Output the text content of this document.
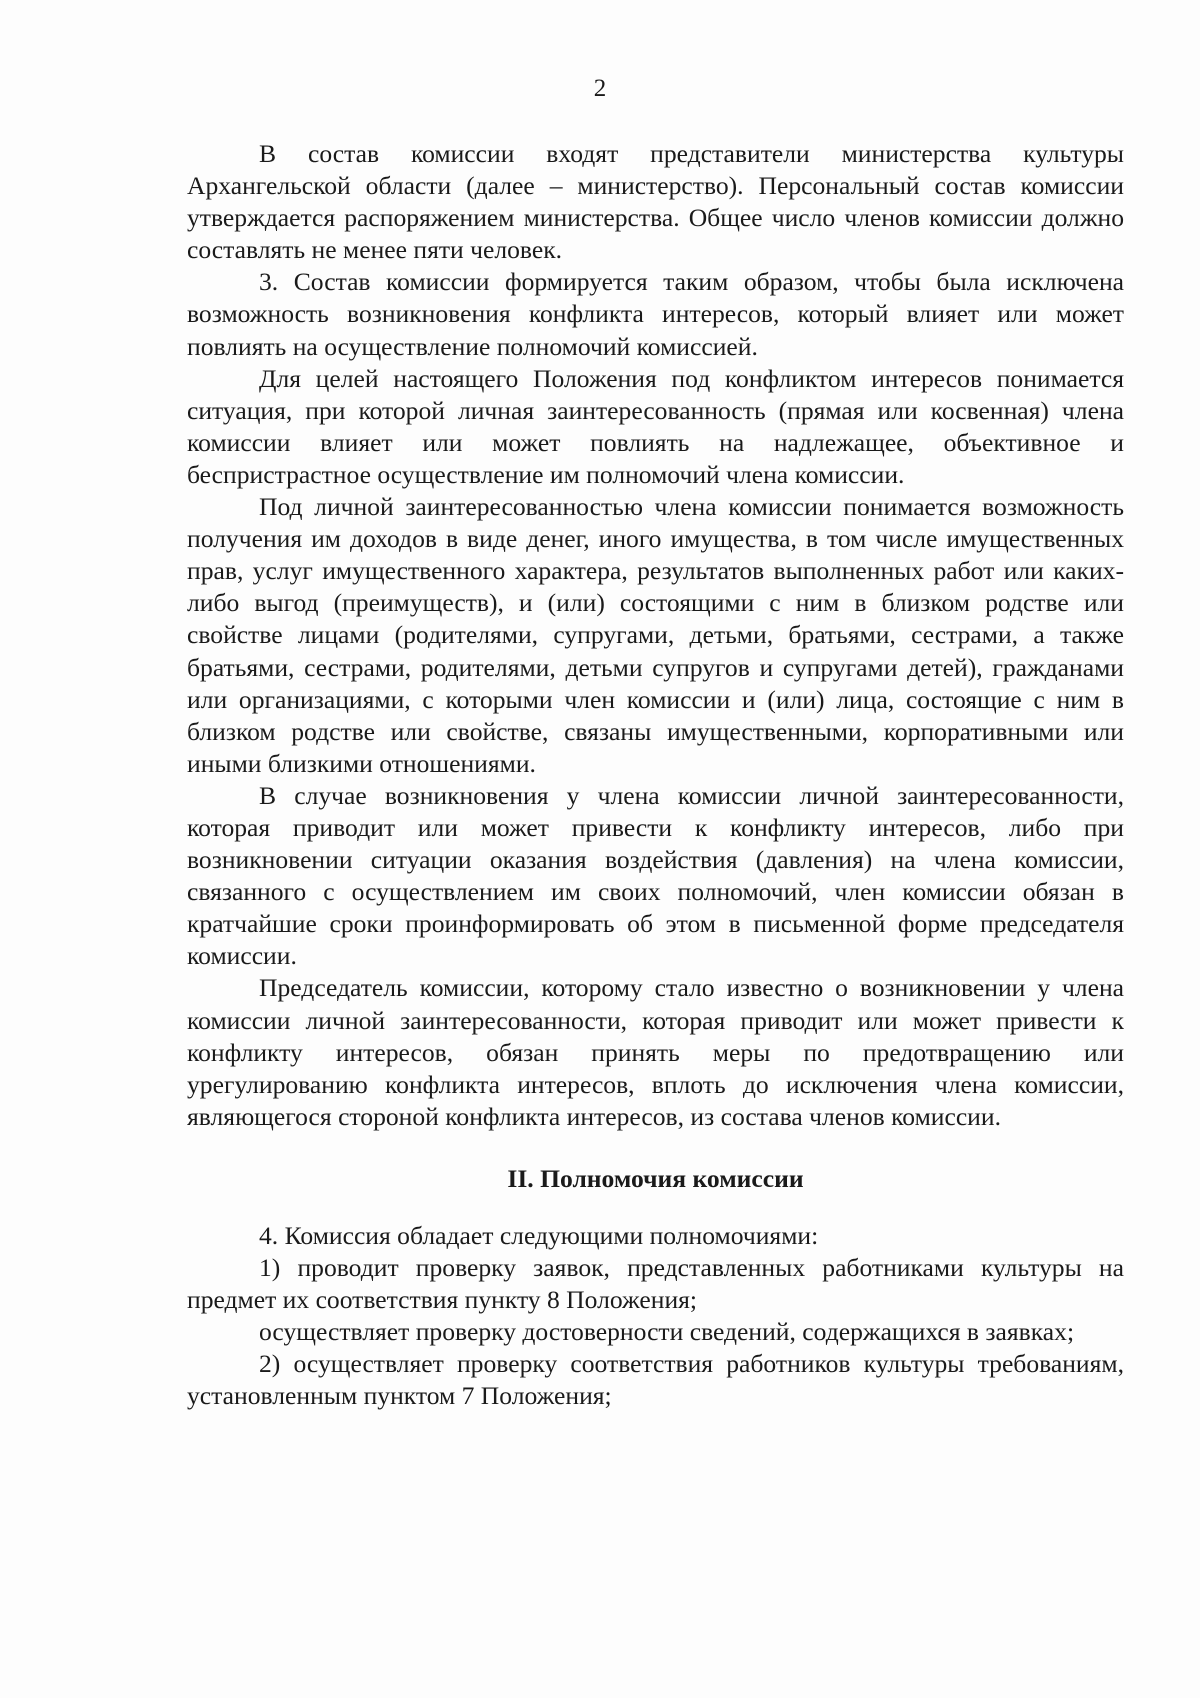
2

В состав комиссии входят представители министерства культуры Архангельской области (далее – министерство). Персональный состав комиссии утверждается распоряжением министерства. Общее число членов комиссии должно составлять не менее пяти человек.

3. Состав комиссии формируется таким образом, чтобы была исключена возможность возникновения конфликта интересов, который влияет или может повлиять на осуществление полномочий комиссией.

Для целей настоящего Положения под конфликтом интересов понимается ситуация, при которой личная заинтересованность (прямая или косвенная) члена комиссии влияет или может повлиять на надлежащее, объективное и беспристрастное осуществление им полномочий члена комиссии.

Под личной заинтересованностью члена комиссии понимается возможность получения им доходов в виде денег, иного имущества, в том числе имущественных прав, услуг имущественного характера, результатов выполненных работ или каких-либо выгод (преимуществ), и (или) состоящими с ним в близком родстве или свойстве лицами (родителями, супругами, детьми, братьями, сестрами, а также братьями, сестрами, родителями, детьми супругов и супругами детей), гражданами или организациями, с которыми член комиссии и (или) лица, состоящие с ним в близком родстве или свойстве, связаны имущественными, корпоративными или иными близкими отношениями.

В случае возникновения у члена комиссии личной заинтересованности, которая приводит или может привести к конфликту интересов, либо при возникновении ситуации оказания воздействия (давления) на члена комиссии, связанного с осуществлением им своих полномочий, член комиссии обязан в кратчайшие сроки проинформировать об этом в письменной форме председателя комиссии.

Председатель комиссии, которому стало известно о возникновении у члена комиссии личной заинтересованности, которая приводит или может привести к конфликту интересов, обязан принять меры по предотвращению или урегулированию конфликта интересов, вплоть до исключения члена комиссии, являющегося стороной конфликта интересов, из состава членов комиссии.

II. Полномочия комиссии

4. Комиссия обладает следующими полномочиями:

1) проводит проверку заявок, представленных работниками культуры на предмет их соответствия пункту 8 Положения;

осуществляет проверку достоверности сведений, содержащихся в заявках;

2) осуществляет проверку соответствия работников культуры требованиям, установленным пунктом 7 Положения;
